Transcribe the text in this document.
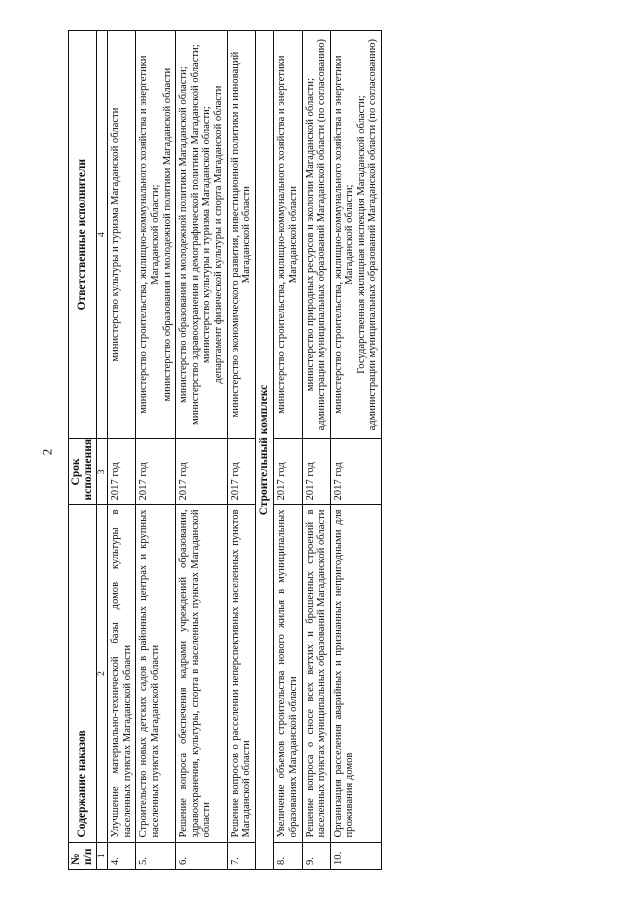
2
№ п/п	Содержание наказов	Срок исполнения	Ответственные исполнители
1	2	3	4
4.	Улучшение материально-технической базы домов культуры в населенных пунктах Магаданской области	2017 год	министерство культуры и туризма Магаданской области

5.	Строительство новых детских садов в районных центрах и крупных населенных пунктах Магаданской области	2017 год	министерство строительства, жилищно-коммунального хозяйства и энергетики Магаданской области; министерство образования и молодежной политики Магаданской области

6.	Решение вопроса обеспечения кадрами учреждений образования, здравоохранения, культуры, спорта в населенных пунктах Магаданской области	2017 год	министерство образования и молодежной политики Магаданской области; министерство здравоохранения и демографической политики Магаданской области; министерство культуры и туризма Магаданской области; департамент физической культуры и спорта Магаданской области

7.	Решение вопросов о расселении неперспективных населенных пунктов Магаданской области	2017 год	министерство экономического развития, инвестиционной политики и инноваций Магаданской области

Строительный комплекс			
8.	Увеличение объемов строительства нового жилья в муниципальных образованиях Магаданской области	2017 год	министерство строительства, жилищно-коммунального хозяйства и энергетики Магаданской области

9.	Решение вопроса о сносе всех ветхих и брошенных строений в населенных пунктах муниципальных образований Магаданской области	2017 год	министерство природных ресурсов и экологии Магаданской области; администрации муниципальных образований Магаданской области (по согласованию)

10.	Организация расселения аварийных и признанных непригодными для проживания домов	2017 год	министерство строительства, жилищно-коммунального хозяйства и энергетики Магаданской области; Государственная жилищная инспекция Магаданской области; администрации муниципальных образований Магаданской области (по согласованию)
